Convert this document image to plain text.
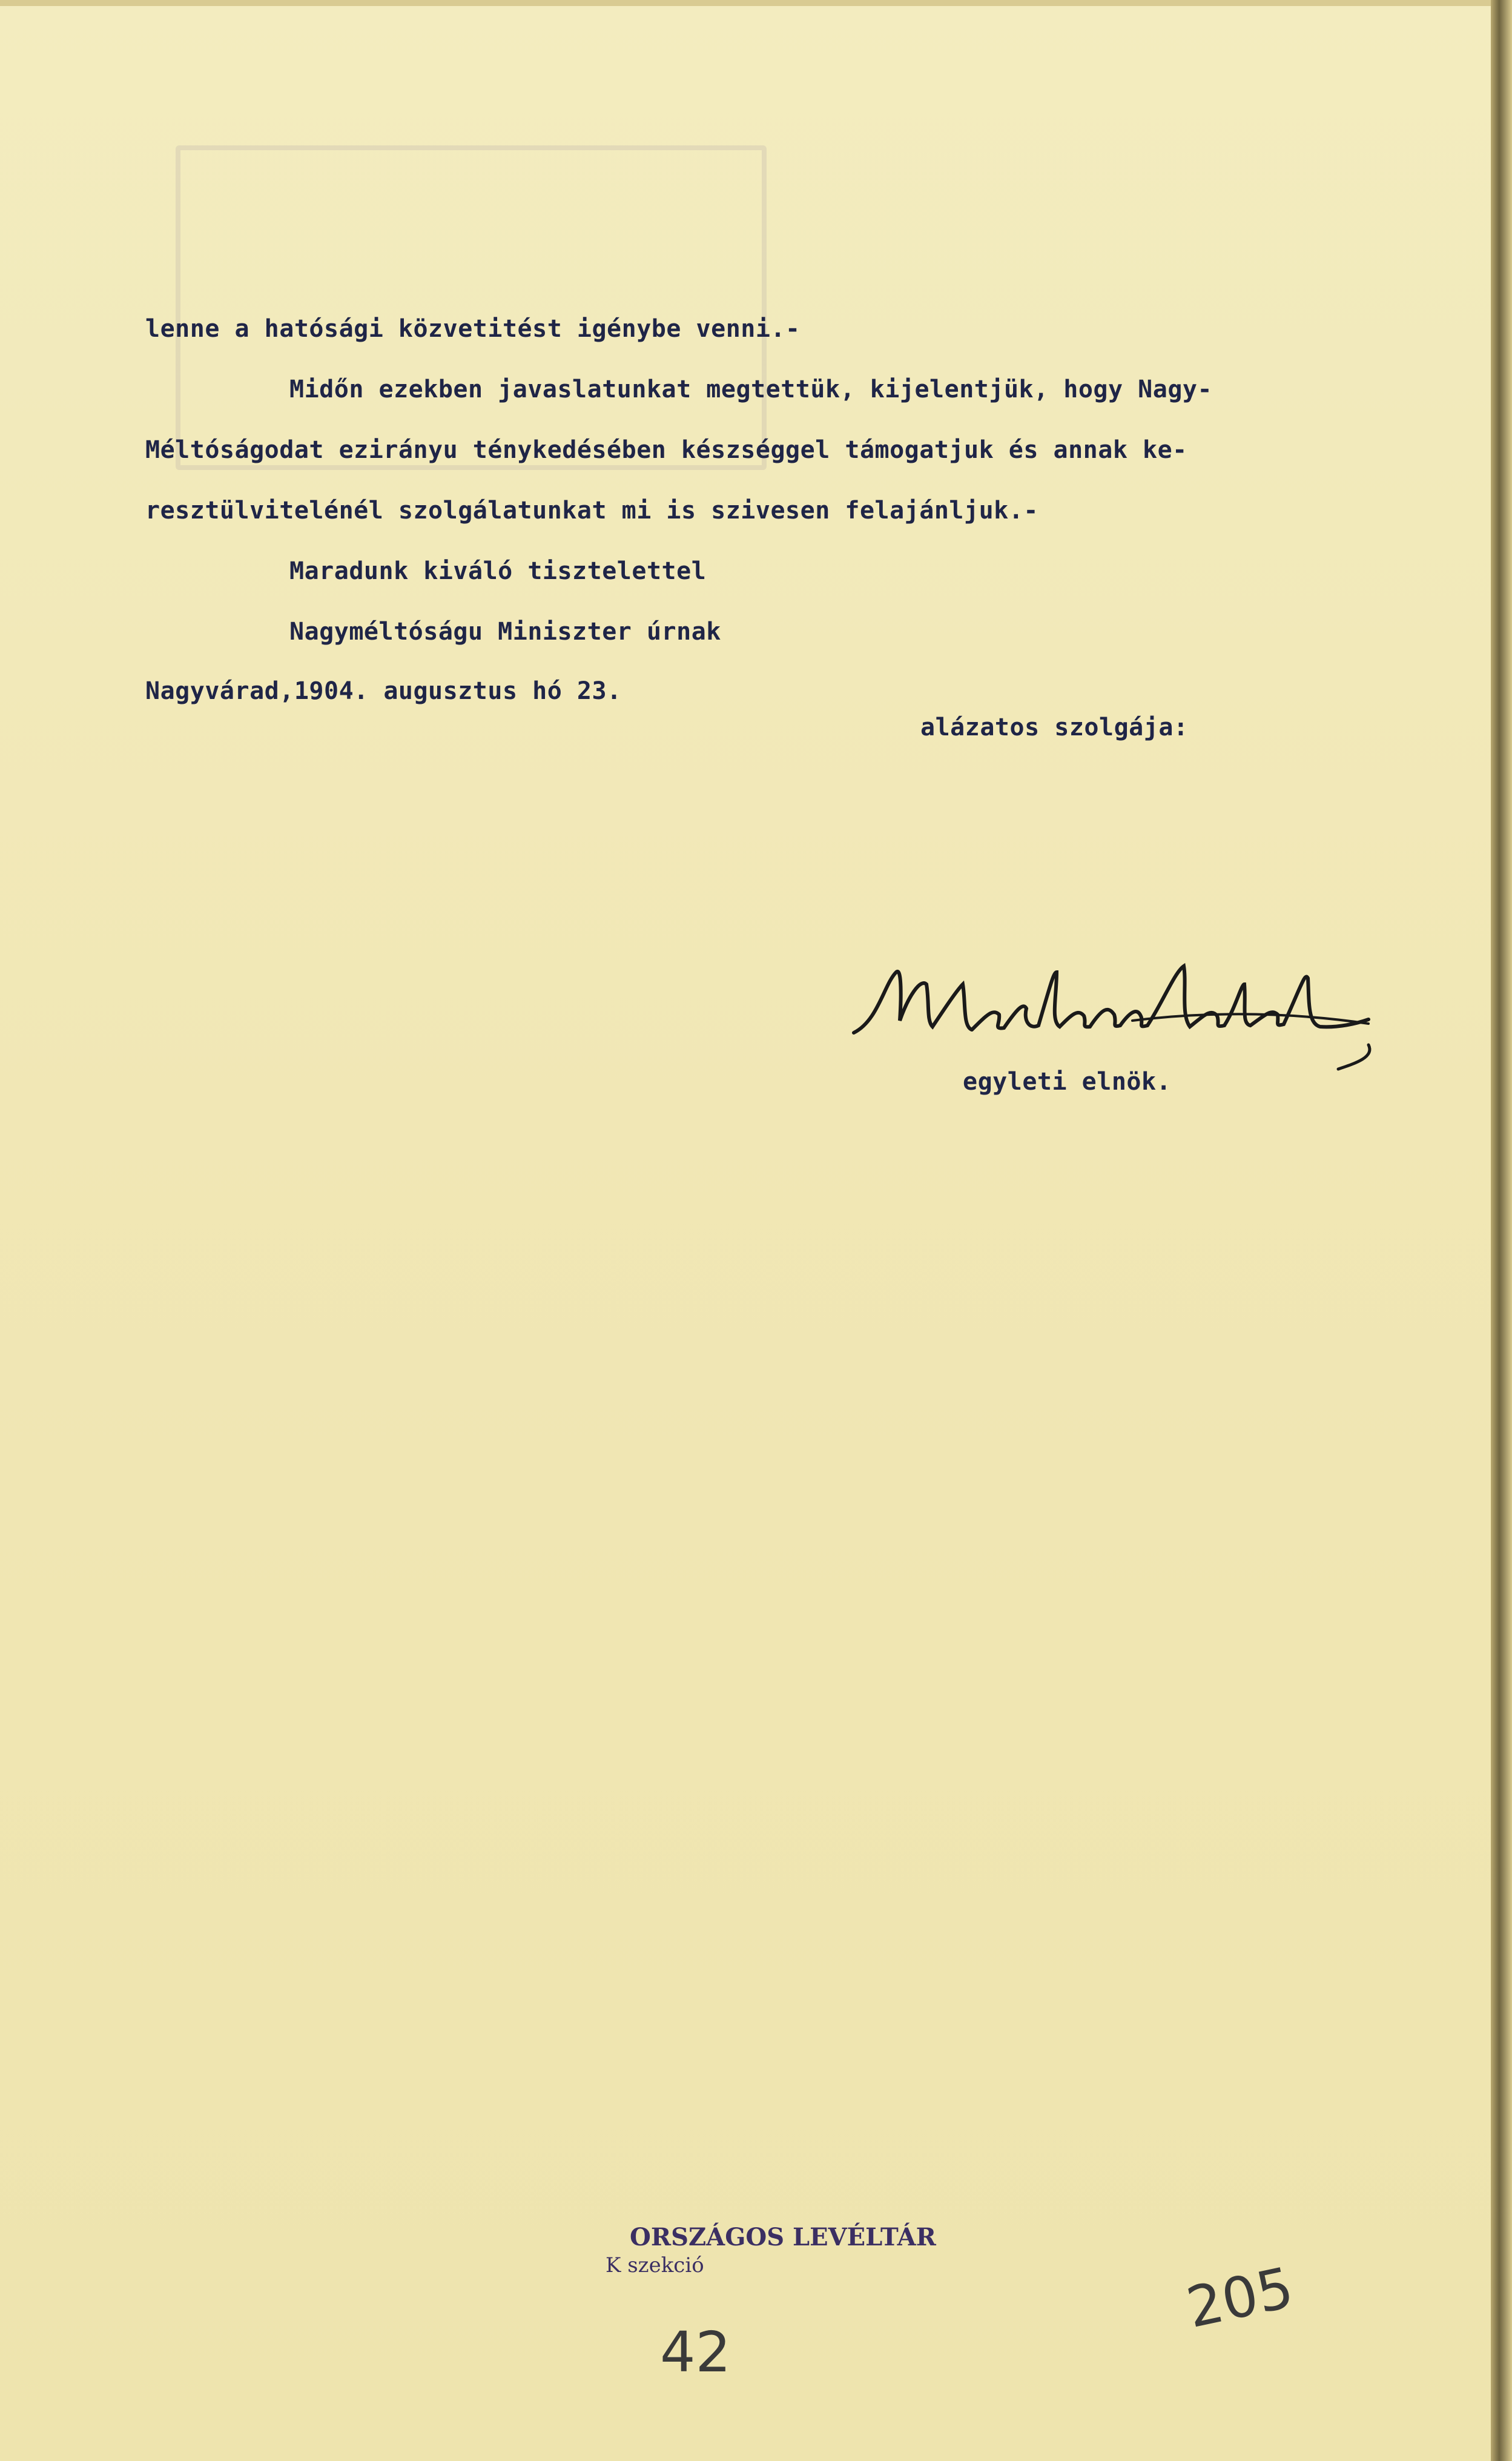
lenne a hatósági közvetitést igénybe venni.-
Midőn ezekben javaslatunkat megtettük, kijelentjük, hogy Nagy-
Méltóságodat ezirányu ténykedésében készséggel támogatjuk és annak ke-
resztülvitelénél szolgálatunkat mi is szivesen felajánljuk.-
Maradunk kiváló tisztelettel
Nagyméltóságu Miniszter úrnak
Nagyvárad,1904. augusztus hó 23.
alázatos szolgája:
egyleti elnök.
ORSZÁGOS LEVÉLTÁR
K szekció
42
205
